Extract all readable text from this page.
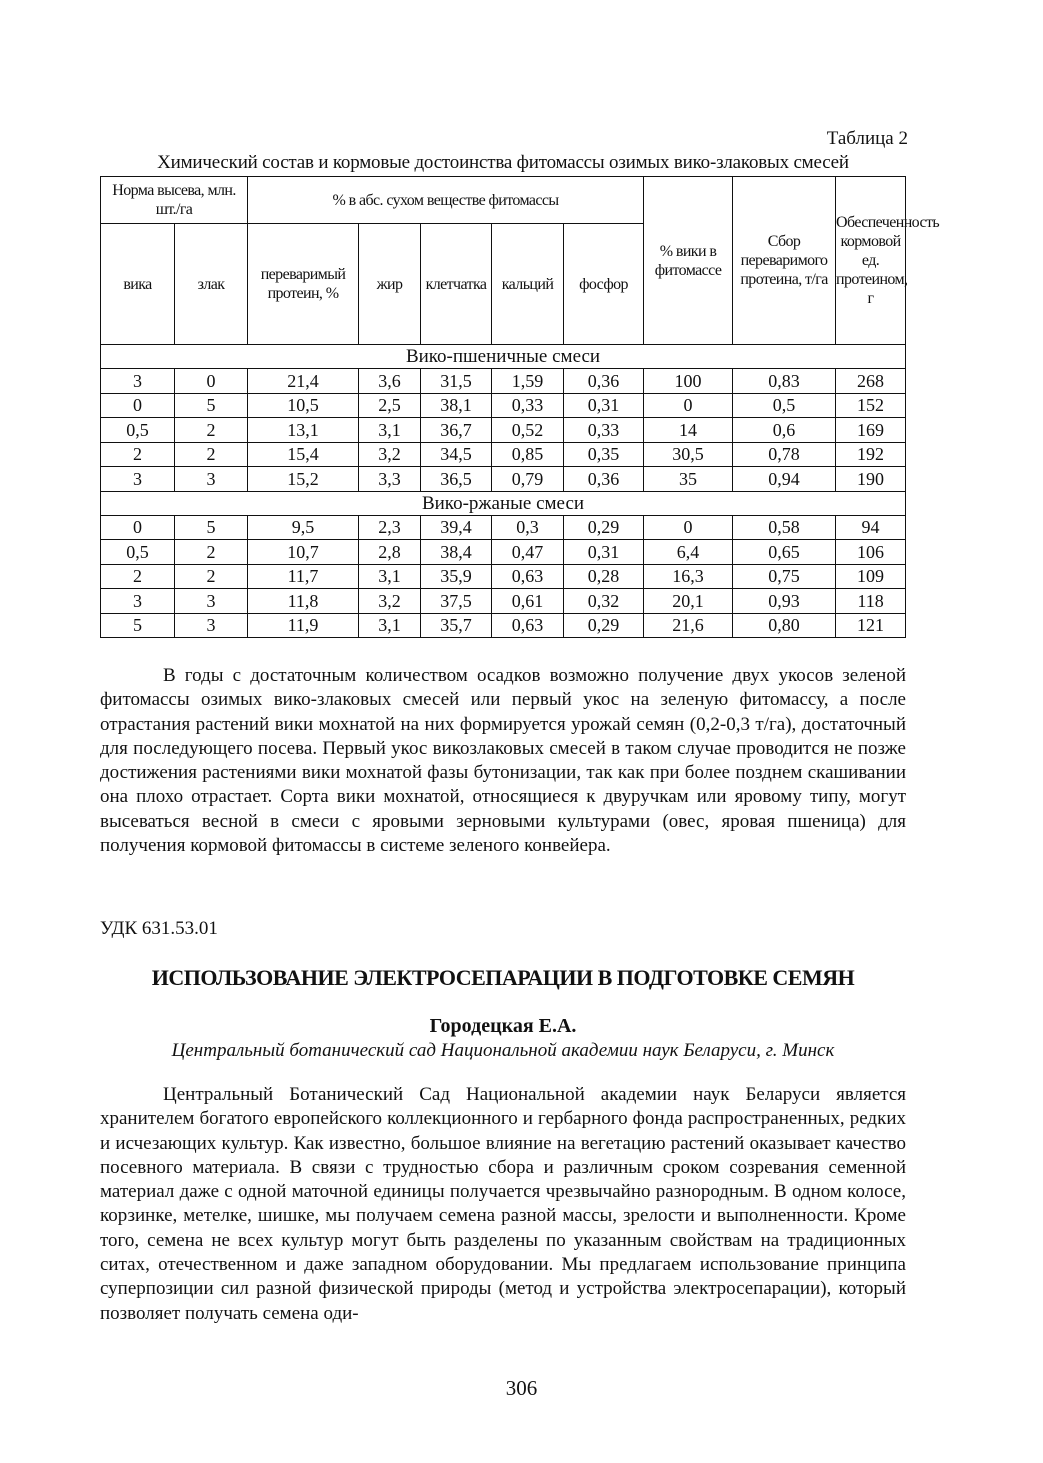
Таблица 2
Химический состав и кормовые достоинства фитомассы озимых вико-злаковых смесей
Норма высева, млн. шт./га		% в абс. сухом веществе фитомассы					% вики в фитомассе	Сбор переваримого протеина, т/га	Обеспеченность кормовой ед. протеином, г
вика	злак	переваримый протеин, %	жир	клетчатка	кальций	фосфор			
Вико-пшеничные смеси									
3	0	21,4	3,6	31,5	1,59	0,36	100	0,83	268
0	5	10,5	2,5	38,1	0,33	0,31	0	0,5	152
0,5	2	13,1	3,1	36,7	0,52	0,33	14	0,6	169
2	2	15,4	3,2	34,5	0,85	0,35	30,5	0,78	192
3	3	15,2	3,3	36,5	0,79	0,36	35	0,94	190
Вико-ржаные смеси									
0	5	9,5	2,3	39,4	0,3	0,29	0	0,58	94
0,5	2	10,7	2,8	38,4	0,47	0,31	6,4	0,65	106
2	2	11,7	3,1	35,9	0,63	0,28	16,3	0,75	109
3	3	11,8	3,2	37,5	0,61	0,32	20,1	0,93	118
5	3	11,9	3,1	35,7	0,63	0,29	21,6	0,80	121

В годы с достаточным количеством осадков возможно получение двух укосов зеленой фитомассы озимых вико-злаковых смесей или первый укос на зеленую фитомассу, а после отрастания растений вики мохнатой на них формируется урожай семян (0,2-0,3 т/га), достаточный для последующего посева. Первый укос викозлаковых смесей в таком случае проводится не позже достижения растениями вики мохнатой фазы бутонизации, так как при более позднем скашивании она плохо отрастает. Сорта вики мохнатой, относящиеся к двуручкам или яровому типу, могут высеваться весной в смеси с яровыми зерновыми культурами (овес, яровая пшеница) для получения кормовой фитомассы в системе зеленого конвейера.

УДК 631.53.01
ИСПОЛЬЗОВАНИЕ ЭЛЕКТРОСЕПАРАЦИИ В ПОДГОТОВКЕ СЕМЯН
Городецкая Е.А.
Центральный ботанический сад Национальной академии наук Беларуси, г. Минск

Центральный Ботанический Сад Национальной академии наук Беларуси является хранителем богатого европейского коллекционного и гербарного фонда распространенных, редких и исчезающих культур. Как известно, большое влияние на вегетацию растений оказывает качество посевного материала. В связи с трудностью сбора и различным сроком созревания семенной материал даже с одной маточной единицы получается чрезвычайно разнородным. В одном колосе, корзинке, метелке, шишке, мы получаем семена разной массы, зрелости и выполненности. Кроме того, семена не всех культур могут быть разделены по указанным свойствам на традиционных ситах, отечественном и даже западном оборудовании. Мы предлагаем использование принципа суперпозиции сил разной физической природы (метод и устройства электросепарации), который позволяет получать семена оди-

306
